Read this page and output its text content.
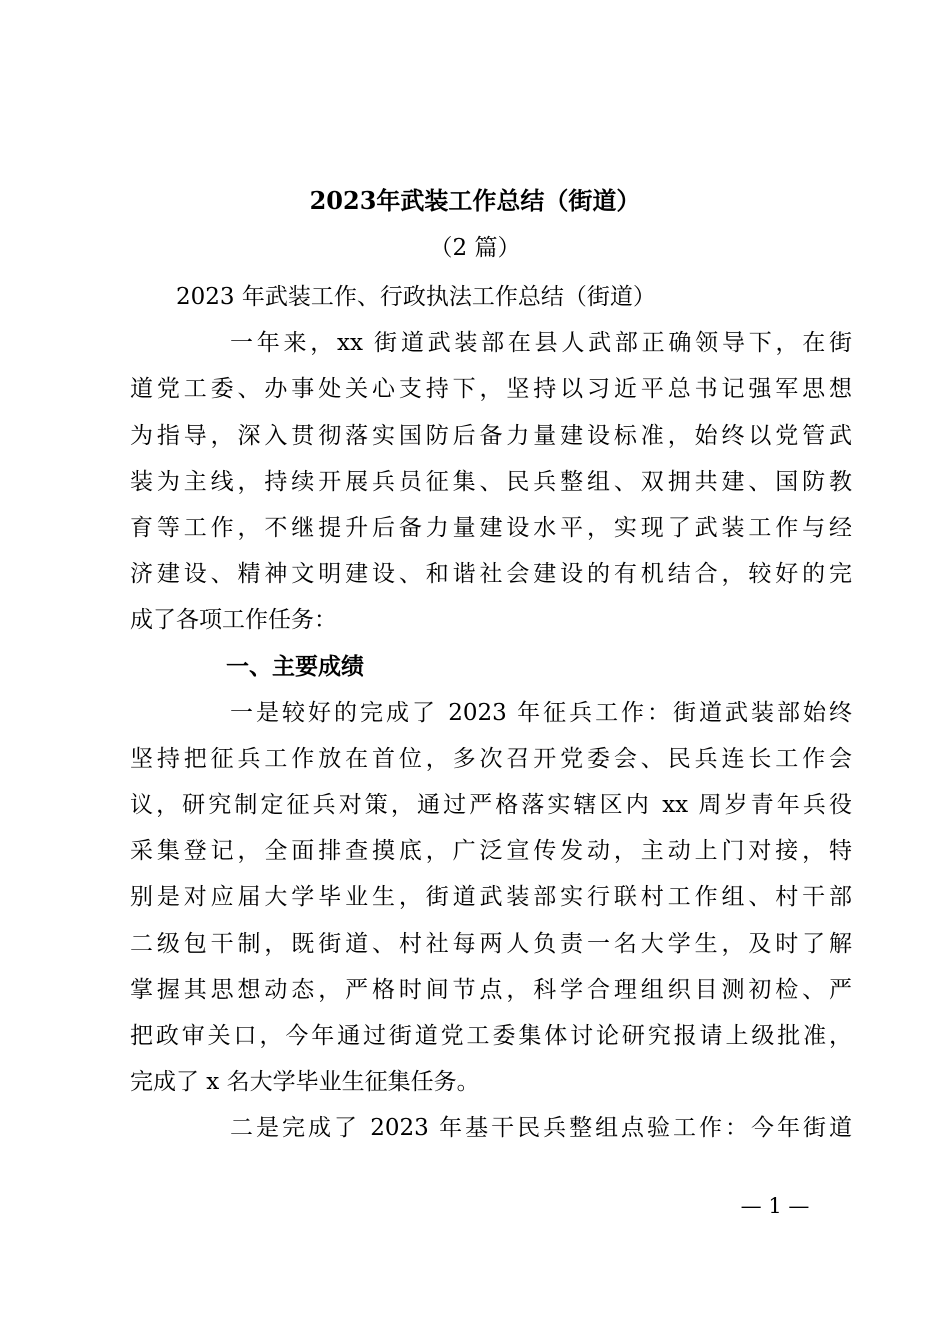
2023年武装工作总结（街道）
（2 篇）
2023 年武装工作、行政执法工作总结（街道）
一年来，xx 街道武装部在县人武部正确领导下，在街
道党工委、办事处关心支持下，坚持以习近平总书记强军思想
为指导，深入贯彻落实国防后备力量建设标准，始终以党管武
装为主线，持续开展兵员征集、民兵整组、双拥共建、国防教
育等工作，不继提升后备力量建设水平，实现了武装工作与经
济建设、精神文明建设、和谐社会建设的有机结合，较好的完
成了各项工作任务：
一、主要成绩
一是较好的完成了 2023 年征兵工作：街道武装部始终
坚持把征兵工作放在首位，多次召开党委会、民兵连长工作会
议，研究制定征兵对策，通过严格落实辖区内 xx 周岁青年兵役
采集登记，全面排查摸底，广泛宣传发动，主动上门对接，特
别是对应届大学毕业生，街道武装部实行联村工作组、村干部
二级包干制，既街道、村社每两人负责一名大学生，及时了解
掌握其思想动态，严格时间节点，科学合理组织目测初检、严
把政审关口，今年通过街道党工委集体讨论研究报请上级批准，
完成了 x 名大学毕业生征集任务。
二是完成了 2023 年基干民兵整组点验工作：今年街道
— 1 —
